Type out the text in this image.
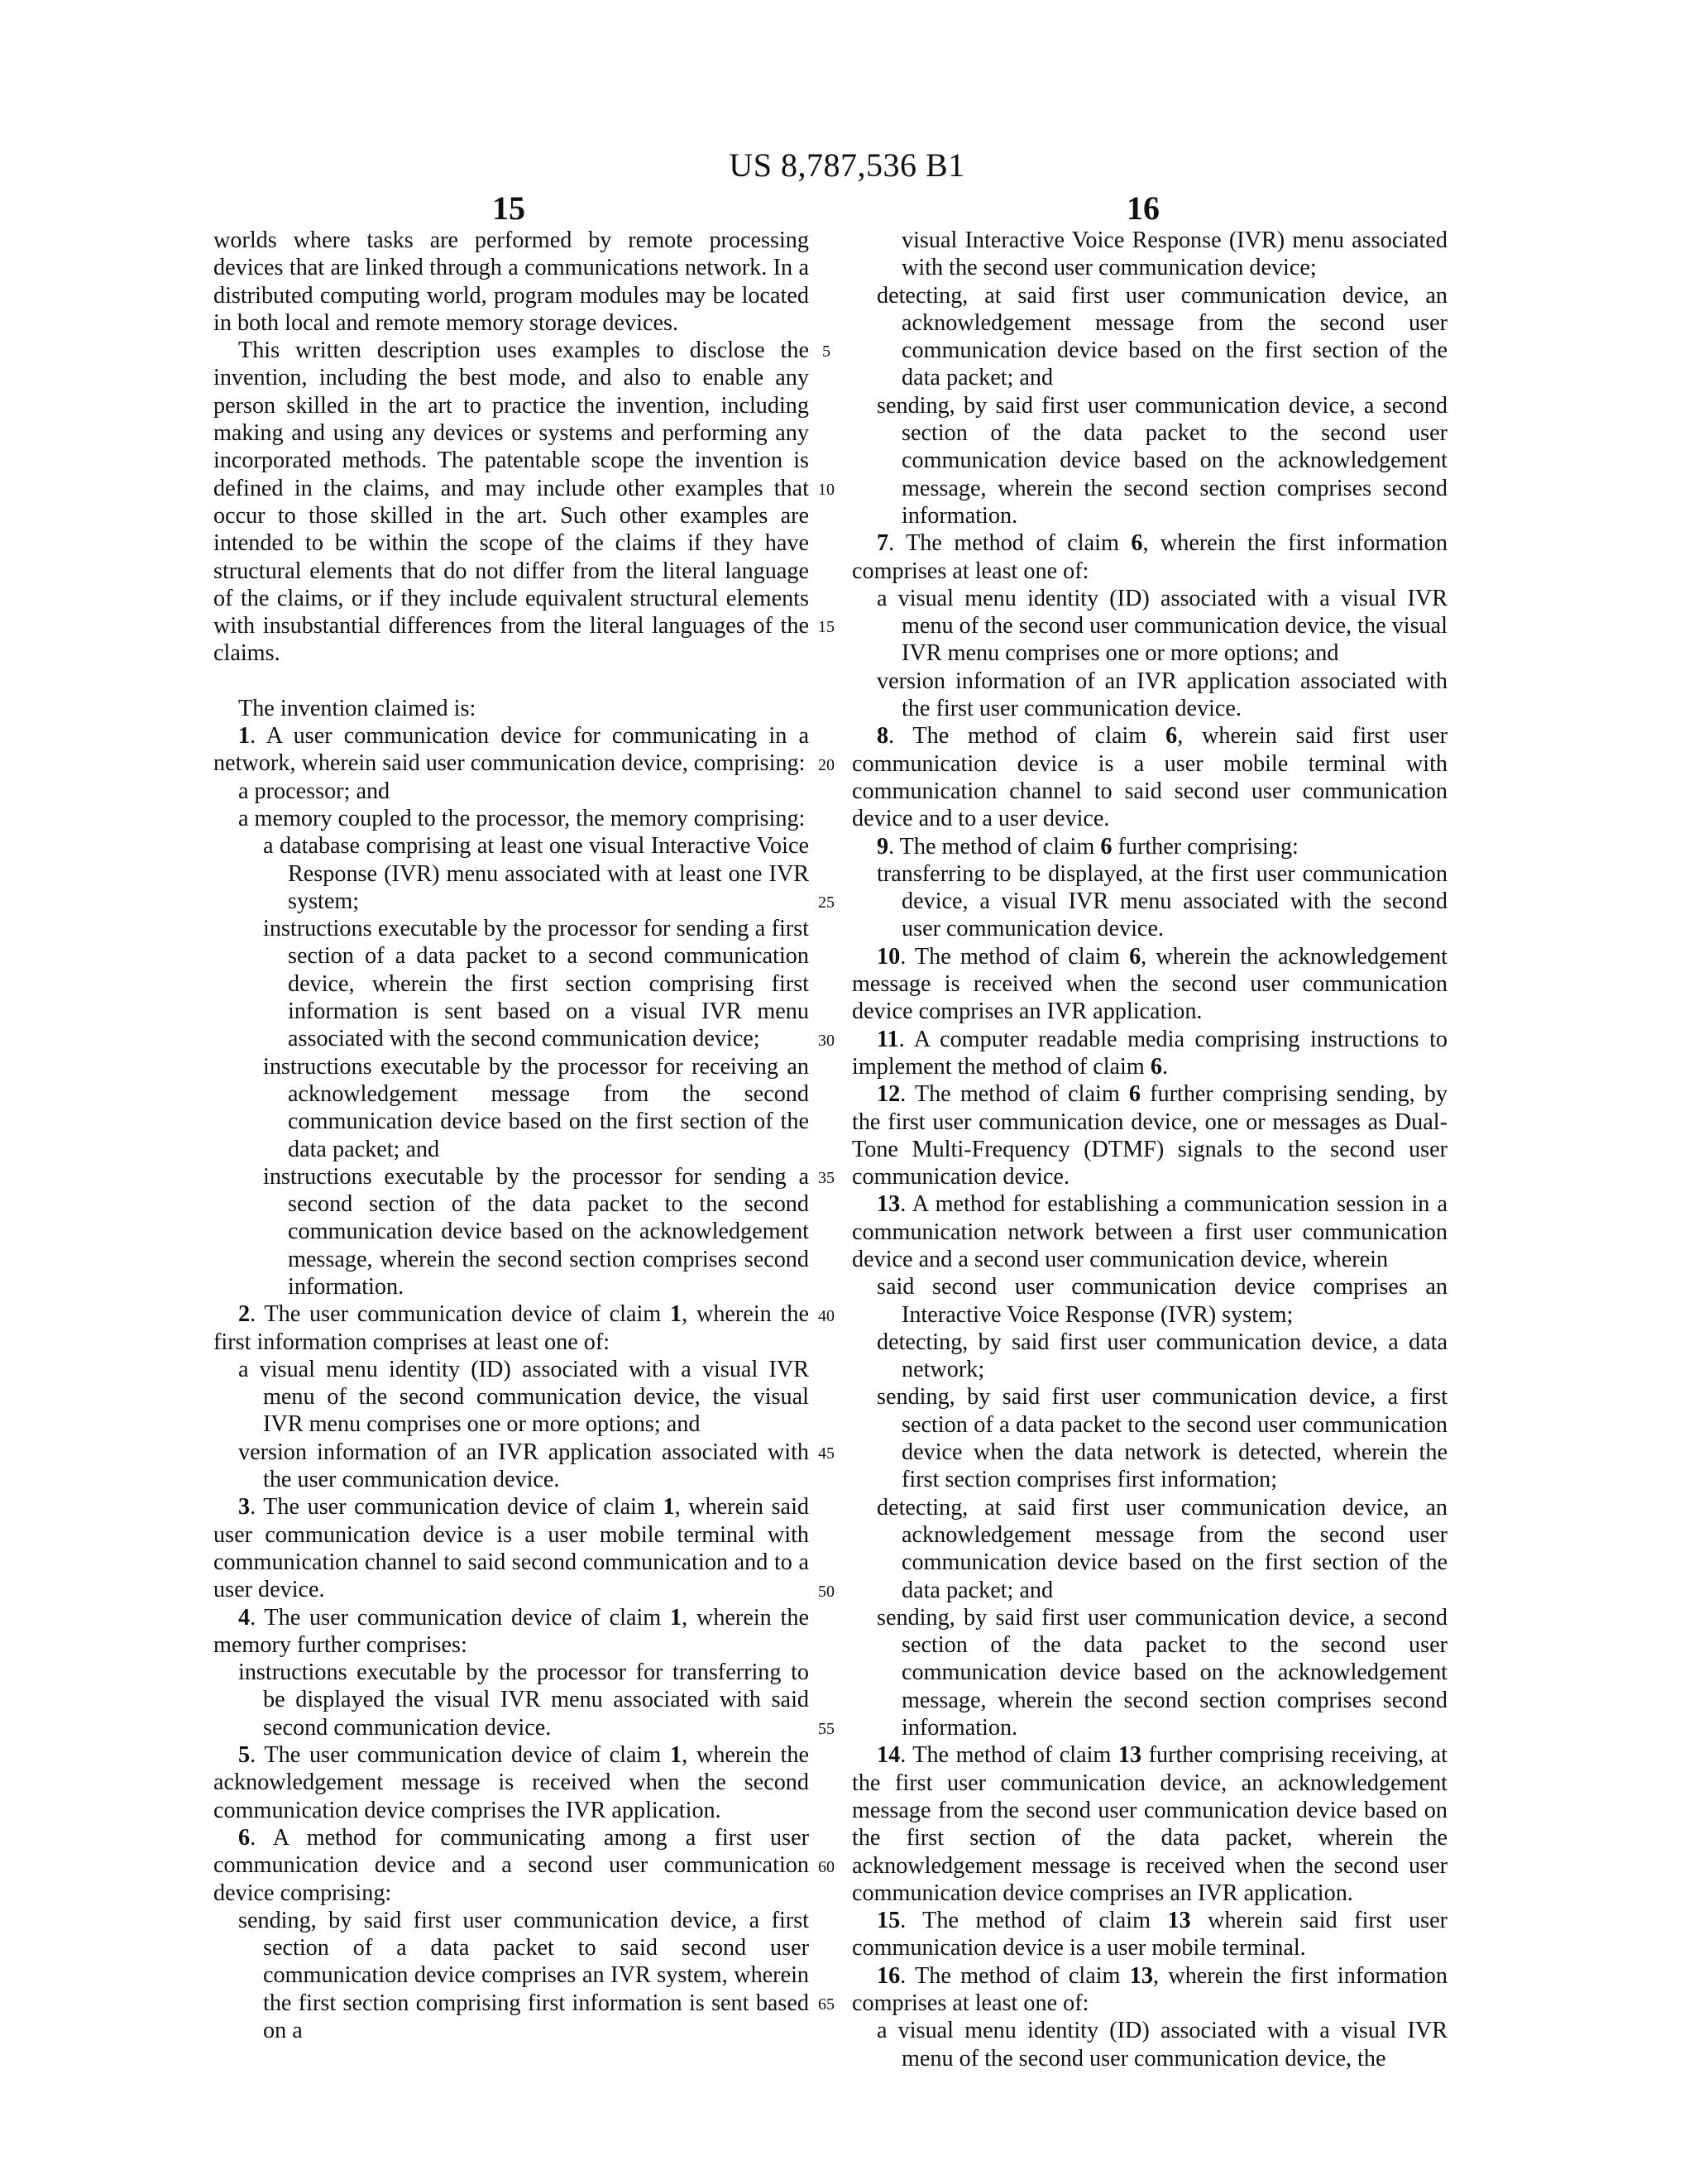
US 8,787,536 B1
15	16

worlds where tasks are performed by remote processing devices that are linked through a communications network. In a distributed computing world, program modules may be located in both local and remote memory storage devices.

This written description uses examples to disclose the invention, including the best mode, and also to enable any person skilled in the art to practice the invention, including making and using any devices or systems and performing any incorporated methods. The patentable scope the invention is defined in the claims, and may include other examples that occur to those skilled in the art. Such other examples are intended to be within the scope of the claims if they have structural elements that do not differ from the literal language of the claims, or if they include equivalent structural elements with insubstantial differences from the literal languages of the claims.

The invention claimed is:

1. A user communication device for communicating in a network, wherein said user communication device, comprising:

a processor; and

a memory coupled to the processor, the memory comprising:

a database comprising at least one visual Interactive Voice Response (IVR) menu associated with at least one IVR system;

instructions executable by the processor for sending a first section of a data packet to a second communication device, wherein the first section comprising first information is sent based on a visual IVR menu associated with the second communication device;

instructions executable by the processor for receiving an acknowledgement message from the second communication device based on the first section of the data packet; and

instructions executable by the processor for sending a second section of the data packet to the second communication device based on the acknowledgement message, wherein the second section comprises second information.

2. The user communication device of claim 1, wherein the first information comprises at least one of:

a visual menu identity (ID) associated with a visual IVR menu of the second communication device, the visual IVR menu comprises one or more options; and

version information of an IVR application associated with the user communication device.

3. The user communication device of claim 1, wherein said user communication device is a user mobile terminal with communication channel to said second communication and to a user device.

4. The user communication device of claim 1, wherein the memory further comprises:

instructions executable by the processor for transferring to be displayed the visual IVR menu associated with said second communication device.

5. The user communication device of claim 1, wherein the acknowledgement message is received when the second communication device comprises the IVR application.

6. A method for communicating among a first user communication device and a second user communication device comprising:

sending, by said first user communication device, a first section of a data packet to said second user communication device comprises an IVR system, wherein the first section comprising first information is sent based on a

visual Interactive Voice Response (IVR) menu associated with the second user communication device;

detecting, at said first user communication device, an acknowledgement message from the second user communication device based on the first section of the data packet; and

sending, by said first user communication device, a second section of the data packet to the second user communication device based on the acknowledgement message, wherein the second section comprises second information.

7. The method of claim 6, wherein the first information comprises at least one of:

a visual menu identity (ID) associated with a visual IVR menu of the second user communication device, the visual IVR menu comprises one or more options; and

version information of an IVR application associated with the first user communication device.

8. The method of claim 6, wherein said first user communication device is a user mobile terminal with communication channel to said second user communication device and to a user device.

9. The method of claim 6 further comprising:

transferring to be displayed, at the first user communication device, a visual IVR menu associated with the second user communication device.

10. The method of claim 6, wherein the acknowledgement message is received when the second user communication device comprises an IVR application.

11. A computer readable media comprising instructions to implement the method of claim 6.

12. The method of claim 6 further comprising sending, by the first user communication device, one or messages as Dual-Tone Multi-Frequency (DTMF) signals to the second user communication device.

13. A method for establishing a communication session in a communication network between a first user communication device and a second user communication device, wherein

said second user communication device comprises an Interactive Voice Response (IVR) system;

detecting, by said first user communication device, a data network;

sending, by said first user communication device, a first section of a data packet to the second user communication device when the data network is detected, wherein the first section comprises first information;

detecting, at said first user communication device, an acknowledgement message from the second user communication device based on the first section of the data packet; and

sending, by said first user communication device, a second section of the data packet to the second user communication device based on the acknowledgement message, wherein the second section comprises second information.

14. The method of claim 13 further comprising receiving, at the first user communication device, an acknowledgement message from the second user communication device based on the first section of the data packet, wherein the acknowledgement message is received when the second user communication device comprises an IVR application.

15. The method of claim 13 wherein said first user communication device is a user mobile terminal.

16. The method of claim 13, wherein the first information comprises at least one of:

a visual menu identity (ID) associated with a visual IVR menu of the second user communication device, the

5
10
15
20
25
30
35
40
45
50
55
60
65
